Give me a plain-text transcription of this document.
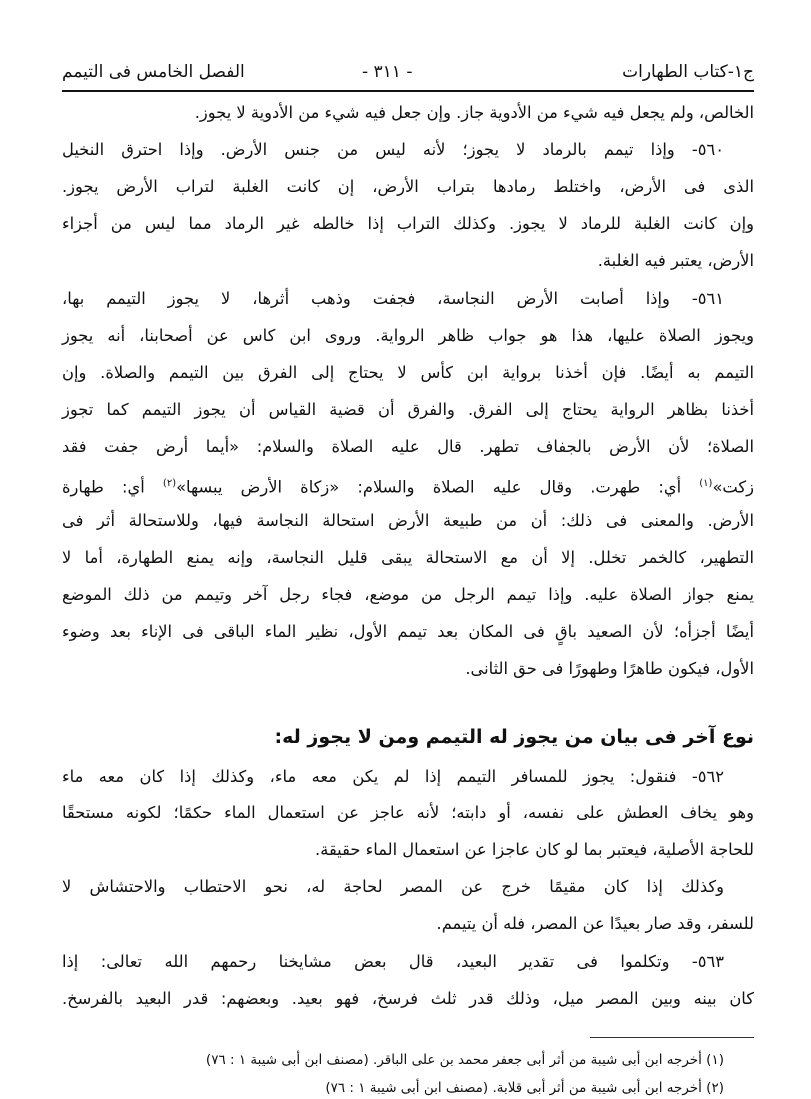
ج١-كتاب الطهارات
- ٣١١ -
الفصل الخامس فى التيمم
الخالص، ولم يجعل فيه شيء من الأدوية جاز. وإن جعل فيه شيء من الأدوية لا يجوز.
٥٦٠- وإذا تيمم بالرماد لا يجوز؛ لأنه ليس من جنس الأرض. وإذا احترق النخيل
الذى فى الأرض، واختلط رمادها بتراب الأرض، إن كانت الغلبة لتراب الأرض يجوز.
وإن كانت الغلبة للرماد لا يجوز. وكذلك التراب إذا خالطه غير الرماد مما ليس من أجزاء
الأرض، يعتبر فيه الغلبة.
٥٦١- وإذا أصابت الأرض النجاسة، فجفت وذهب أثرها، لا يجوز التيمم بها،
ويجوز الصلاة عليها، هذا هو جواب ظاهر الرواية. وروى ابن كاس عن أصحابنا، أنه يجوز
التيمم به أيضًا. فإن أخذنا برواية ابن كأس لا يحتاج إلى الفرق بين التيمم والصلاة. وإن
أخذنا بظاهر الرواية يحتاج إلى الفرق. والفرق أن قضية القياس أن يجوز التيمم كما تجوز
الصلاة؛ لأن الأرض بالجفاف تطهر. قال عليه الصلاة والسلام: «أيما أرض جفت فقد
زكت»$^{(١)}$ أي: طهرت. وقال عليه الصلاة والسلام: «زكاة الأرض يبسها»$^{(٢)}$ أي: طهارة
الأرض. والمعنى فى ذلك: أن من طبيعة الأرض استحالة النجاسة فيها، وللاستحالة أثر فى
التطهير، كالخمر تخلل. إلا أن مع الاستحالة يبقى قليل النجاسة، وإنه يمنع الطهارة، أما لا
يمنع جواز الصلاة عليه. وإذا تيمم الرجل من موضع، فجاء رجل آخر وتيمم من ذلك الموضع
أيضًا أجزأه؛ لأن الصعيد باقٍ فى المكان بعد تيمم الأول، نظير الماء الباقى فى الإناء بعد وضوء
الأول، فيكون طاهرًا وطهورًا فى حق الثانى.
نوع آخر فى بيان من يجوز له التيمم ومن لا يجوز له:
٥٦٢- فنقول: يجوز للمسافر التيمم إذا لم يكن معه ماء، وكذلك إذا كان معه ماء
وهو يخاف العطش على نفسه، أو دابته؛ لأنه عاجز عن استعمال الماء حكمًا؛ لكونه مستحقًا
للحاجة الأصلية، فيعتبر بما لو كان عاجزا عن استعمال الماء حقيقة.
وكذلك إذا كان مقيمًا خرج عن المصر لحاجة له، نحو الاحتطاب والاحتشاش لا
للسفر، وقد صار بعيدًا عن المصر، فله أن يتيمم.
٥٦٣- وتكلموا فى تقدير البعيد، قال بعض مشايخنا رحمهم الله تعالى: إذا
كان بينه وبين المصر ميل، وذلك قدر ثلث فرسخ، فهو بعيد. وبعضهم: قدر البعيد بالفرسخ.
(١) أخرجه ابن أبى شيبة من أثر أبى جعفر محمد بن على الباقر. (مصنف ابن أبى شيبة ١ : ٧٦)
(٢) أخرجه ابن أبى شيبة من أثر أبى قلابة. (مصنف ابن أبى شيبة ١ : ٧٦)
